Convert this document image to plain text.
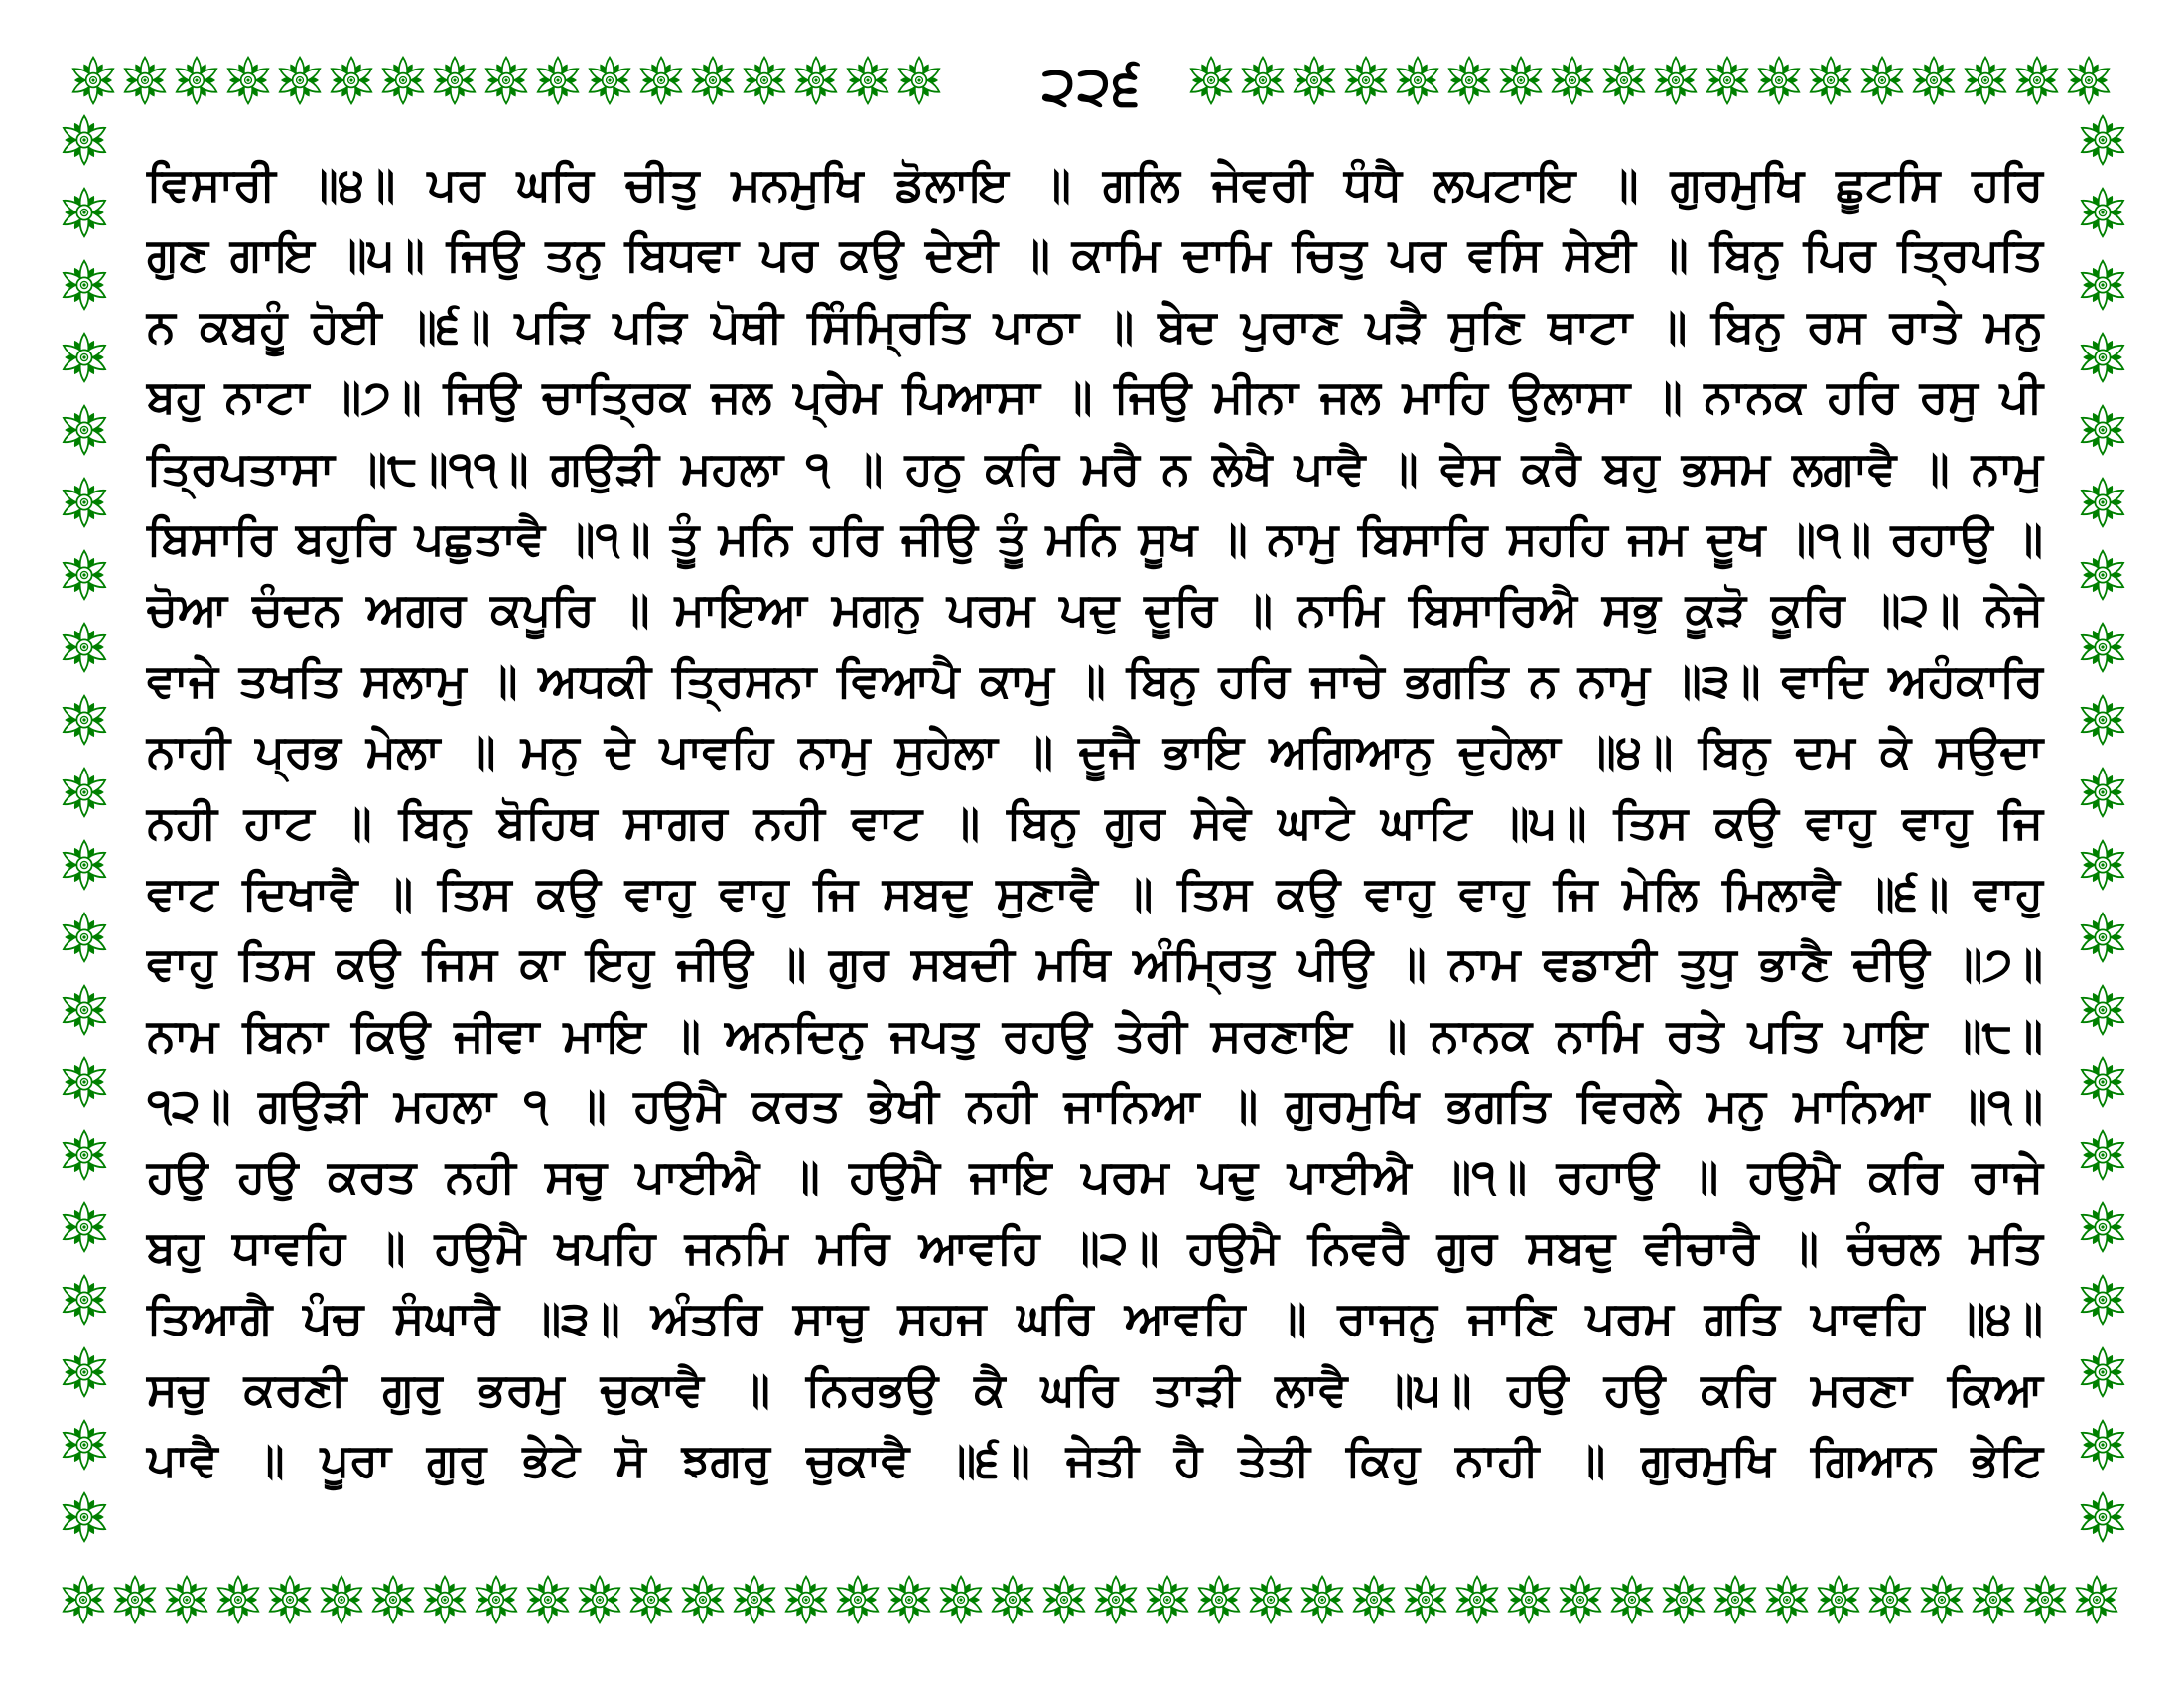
੨੨੬
ਵਿਸਾਰੀ ॥੪॥ ਪਰ ਘਰਿ ਚੀਤੁ ਮਨਮੁਖਿ ਡੋਲਾਇ ॥ ਗਲਿ ਜੇਵਰੀ ਧੰਧੈ ਲਪਟਾਇ ॥ ਗੁਰਮੁਖਿ ਛੂਟਸਿ ਹਰਿ
ਗੁਣ ਗਾਇ ॥੫॥ ਜਿਉ ਤਨੁ ਬਿਧਵਾ ਪਰ ਕਉ ਦੇਈ ॥ ਕਾਮਿ ਦਾਮਿ ਚਿਤੁ ਪਰ ਵਸਿ ਸੇਈ ॥ ਬਿਨੁ ਪਿਰ ਤ੍ਰਿਪਤਿ
ਨ ਕਬਹੂੰ ਹੋਈ ॥੬॥ ਪੜਿ ਪੜਿ ਪੋਥੀ ਸਿੰਮ੍ਰਿਤਿ ਪਾਠਾ ॥ ਬੇਦ ਪੁਰਾਣ ਪੜੈ ਸੁਣਿ ਥਾਟਾ ॥ ਬਿਨੁ ਰਸ ਰਾਤੇ ਮਨੁ
ਬਹੁ ਨਾਟਾ ॥੭॥ ਜਿਉ ਚਾਤ੍ਰਿਕ ਜਲ ਪ੍ਰੇਮ ਪਿਆਸਾ ॥ ਜਿਉ ਮੀਨਾ ਜਲ ਮਾਹਿ ਉਲਾਸਾ ॥ ਨਾਨਕ ਹਰਿ ਰਸੁ ਪੀ
ਤ੍ਰਿਪਤਾਸਾ ॥੮॥੧੧॥ ਗਉੜੀ ਮਹਲਾ ੧ ॥ ਹਠੁ ਕਰਿ ਮਰੈ ਨ ਲੇਖੈ ਪਾਵੈ ॥ ਵੇਸ ਕਰੈ ਬਹੁ ਭਸਮ ਲਗਾਵੈ ॥ ਨਾਮੁ
ਬਿਸਾਰਿ ਬਹੁਰਿ ਪਛੁਤਾਵੈ ॥੧॥ ਤੂੰ ਮਨਿ ਹਰਿ ਜੀਉ ਤੂੰ ਮਨਿ ਸੂਖ ॥ ਨਾਮੁ ਬਿਸਾਰਿ ਸਹਹਿ ਜਮ ਦੂਖ ॥੧॥ ਰਹਾਉ ॥
ਚੋਆ ਚੰਦਨ ਅਗਰ ਕਪੂਰਿ ॥ ਮਾਇਆ ਮਗਨੁ ਪਰਮ ਪਦੁ ਦੂਰਿ ॥ ਨਾਮਿ ਬਿਸਾਰਿਐ ਸਭੁ ਕੂੜੋ ਕੂਰਿ ॥੨॥ ਨੇਜੇ
ਵਾਜੇ ਤਖਤਿ ਸਲਾਮੁ ॥ ਅਧਕੀ ਤ੍ਰਿਸਨਾ ਵਿਆਪੈ ਕਾਮੁ ॥ ਬਿਨੁ ਹਰਿ ਜਾਚੇ ਭਗਤਿ ਨ ਨਾਮੁ ॥੩॥ ਵਾਦਿ ਅਹੰਕਾਰਿ
ਨਾਹੀ ਪ੍ਰਭ ਮੇਲਾ ॥ ਮਨੁ ਦੇ ਪਾਵਹਿ ਨਾਮੁ ਸੁਹੇਲਾ ॥ ਦੂਜੈ ਭਾਇ ਅਗਿਆਨੁ ਦੁਹੇਲਾ ॥੪॥ ਬਿਨੁ ਦਮ ਕੇ ਸਉਦਾ
ਨਹੀ ਹਾਟ ॥ ਬਿਨੁ ਬੋਹਿਥ ਸਾਗਰ ਨਹੀ ਵਾਟ ॥ ਬਿਨੁ ਗੁਰ ਸੇਵੇ ਘਾਟੇ ਘਾਟਿ ॥੫॥ ਤਿਸ ਕਉ ਵਾਹੁ ਵਾਹੁ ਜਿ
ਵਾਟ ਦਿਖਾਵੈ ॥ ਤਿਸ ਕਉ ਵਾਹੁ ਵਾਹੁ ਜਿ ਸਬਦੁ ਸੁਣਾਵੈ ॥ ਤਿਸ ਕਉ ਵਾਹੁ ਵਾਹੁ ਜਿ ਮੇਲਿ ਮਿਲਾਵੈ ॥੬॥ ਵਾਹੁ
ਵਾਹੁ ਤਿਸ ਕਉ ਜਿਸ ਕਾ ਇਹੁ ਜੀਉ ॥ ਗੁਰ ਸਬਦੀ ਮਥਿ ਅੰਮ੍ਰਿਤੁ ਪੀਉ ॥ ਨਾਮ ਵਡਾਈ ਤੁਧੁ ਭਾਣੈ ਦੀਉ ॥੭॥
ਨਾਮ ਬਿਨਾ ਕਿਉ ਜੀਵਾ ਮਾਇ ॥ ਅਨਦਿਨੁ ਜਪਤੁ ਰਹਉ ਤੇਰੀ ਸਰਣਾਇ ॥ ਨਾਨਕ ਨਾਮਿ ਰਤੇ ਪਤਿ ਪਾਇ ॥੮॥
੧੨॥ ਗਉੜੀ ਮਹਲਾ ੧ ॥ ਹਉਮੈ ਕਰਤ ਭੇਖੀ ਨਹੀ ਜਾਨਿਆ ॥ ਗੁਰਮੁਖਿ ਭਗਤਿ ਵਿਰਲੇ ਮਨੁ ਮਾਨਿਆ ॥੧॥
ਹਉ ਹਉ ਕਰਤ ਨਹੀ ਸਚੁ ਪਾਈਐ ॥ ਹਉਮੈ ਜਾਇ ਪਰਮ ਪਦੁ ਪਾਈਐ ॥੧॥ ਰਹਾਉ ॥ ਹਉਮੈ ਕਰਿ ਰਾਜੇ
ਬਹੁ ਧਾਵਹਿ ॥ ਹਉਮੈ ਖਪਹਿ ਜਨਮਿ ਮਰਿ ਆਵਹਿ ॥੨॥ ਹਉਮੈ ਨਿਵਰੈ ਗੁਰ ਸਬਦੁ ਵੀਚਾਰੈ ॥ ਚੰਚਲ ਮਤਿ
ਤਿਆਗੈ ਪੰਚ ਸੰਘਾਰੈ ॥੩॥ ਅੰਤਰਿ ਸਾਚੁ ਸਹਜ ਘਰਿ ਆਵਹਿ ॥ ਰਾਜਨੁ ਜਾਣਿ ਪਰਮ ਗਤਿ ਪਾਵਹਿ ॥੪॥
ਸਚੁ ਕਰਣੀ ਗੁਰੁ ਭਰਮੁ ਚੁਕਾਵੈ ॥ ਨਿਰਭਉ ਕੈ ਘਰਿ ਤਾੜੀ ਲਾਵੈ ॥੫॥ ਹਉ ਹਉ ਕਰਿ ਮਰਣਾ ਕਿਆ
ਪਾਵੈ ॥ ਪੂਰਾ ਗੁਰੁ ਭੇਟੇ ਸੋ ਝਗਰੁ ਚੁਕਾਵੈ ॥੬॥ ਜੇਤੀ ਹੈ ਤੇਤੀ ਕਿਹੁ ਨਾਹੀ ॥ ਗੁਰਮੁਖਿ ਗਿਆਨ ਭੇਟਿ
